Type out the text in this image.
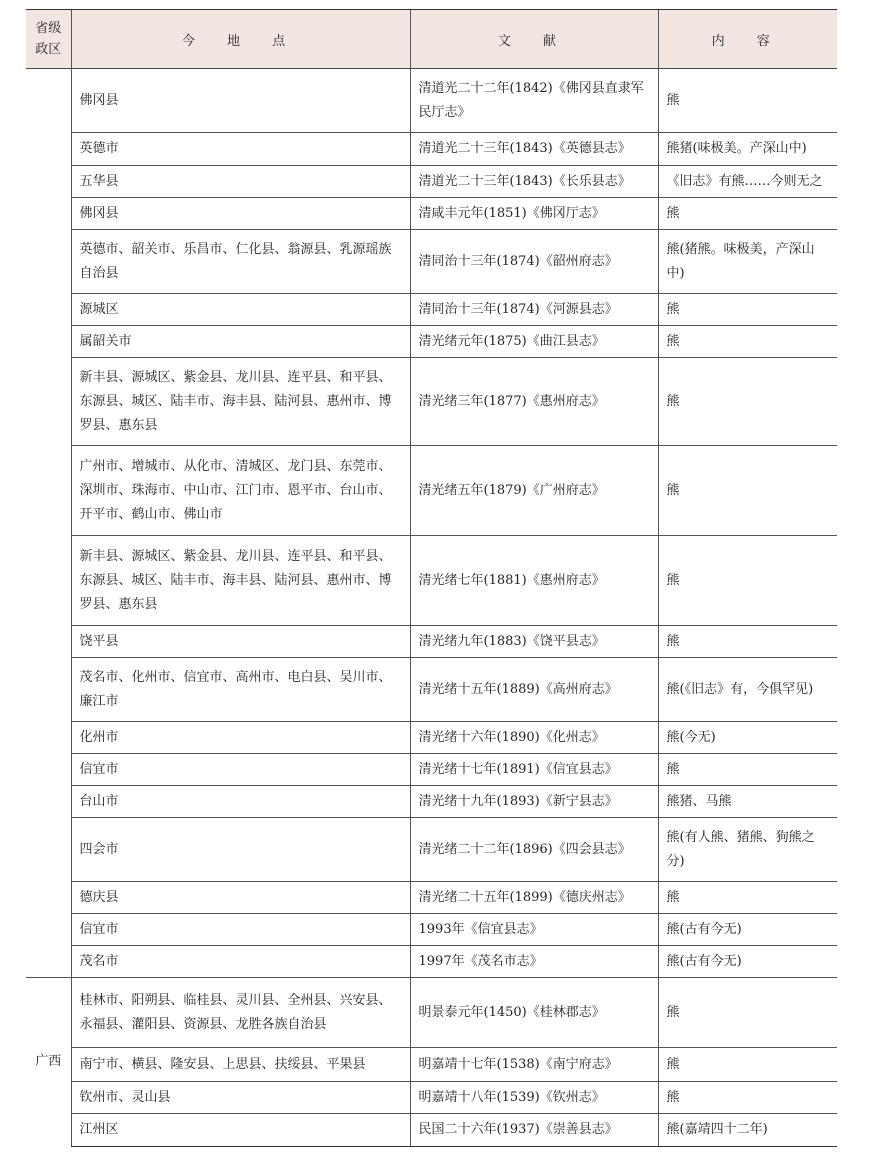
省级
政区	今 地 点	文 献	内 容
	佛冈县	清道光二十二年(1842)《佛冈县直隶军民厅志》	熊
	英德市	清道光二十三年(1843)《英德县志》	熊猪(味极美。产深山中)
	五华县	清道光二十三年(1843)《长乐县志》	《旧志》有熊……今则无之
	佛冈县	清咸丰元年(1851)《佛冈厅志》	熊
	英德市、韶关市、乐昌市、仁化县、翁源县、乳源瑶族自治县	清同治十三年(1874)《韶州府志》	熊(猪熊。味极美，产深山中)
	源城区	清同治十三年(1874)《河源县志》	熊
	属韶关市	清光绪元年(1875)《曲江县志》	熊
	新丰县、源城区、紫金县、龙川县、连平县、和平县、东源县、城区、陆丰市、海丰县、陆河县、惠州市、博罗县、惠东县	清光绪三年(1877)《惠州府志》	熊
	广州市、增城市、从化市、清城区、龙门县、东莞市、深圳市、珠海市、中山市、江门市、恩平市、台山市、开平市、鹤山市、佛山市	清光绪五年(1879)《广州府志》	熊
	新丰县、源城区、紫金县、龙川县、连平县、和平县、东源县、城区、陆丰市、海丰县、陆河县、惠州市、博罗县、惠东县	清光绪七年(1881)《惠州府志》	熊
	饶平县	清光绪九年(1883)《饶平县志》	熊
	茂名市、化州市、信宜市、高州市、电白县、吴川市、廉江市	清光绪十五年(1889)《高州府志》	熊(《旧志》有，今俱罕见)
	化州市	清光绪十六年(1890)《化州志》	熊(今无)
	信宜市	清光绪十七年(1891)《信宜县志》	熊
	台山市	清光绪十九年(1893)《新宁县志》	熊猪、马熊
	四会市	清光绪二十二年(1896)《四会县志》	熊(有人熊、猪熊、狗熊之分)
	德庆县	清光绪二十五年(1899)《德庆州志》	熊
	信宜市	1993年《信宜县志》	熊(古有今无)
	茂名市	1997年《茂名市志》	熊(古有今无)
广西	桂林市、阳朔县、临桂县、灵川县、全州县、兴安县、永福县、灌阳县、资源县、龙胜各族自治县	明景泰元年(1450)《桂林郡志》	熊
	南宁市、横县、隆安县、上思县、扶绥县、平果县	明嘉靖十七年(1538)《南宁府志》	熊
	钦州市、灵山县	明嘉靖十八年(1539)《钦州志》	熊
	江州区	民国二十六年(1937)《崇善县志》	熊(嘉靖四十二年)
